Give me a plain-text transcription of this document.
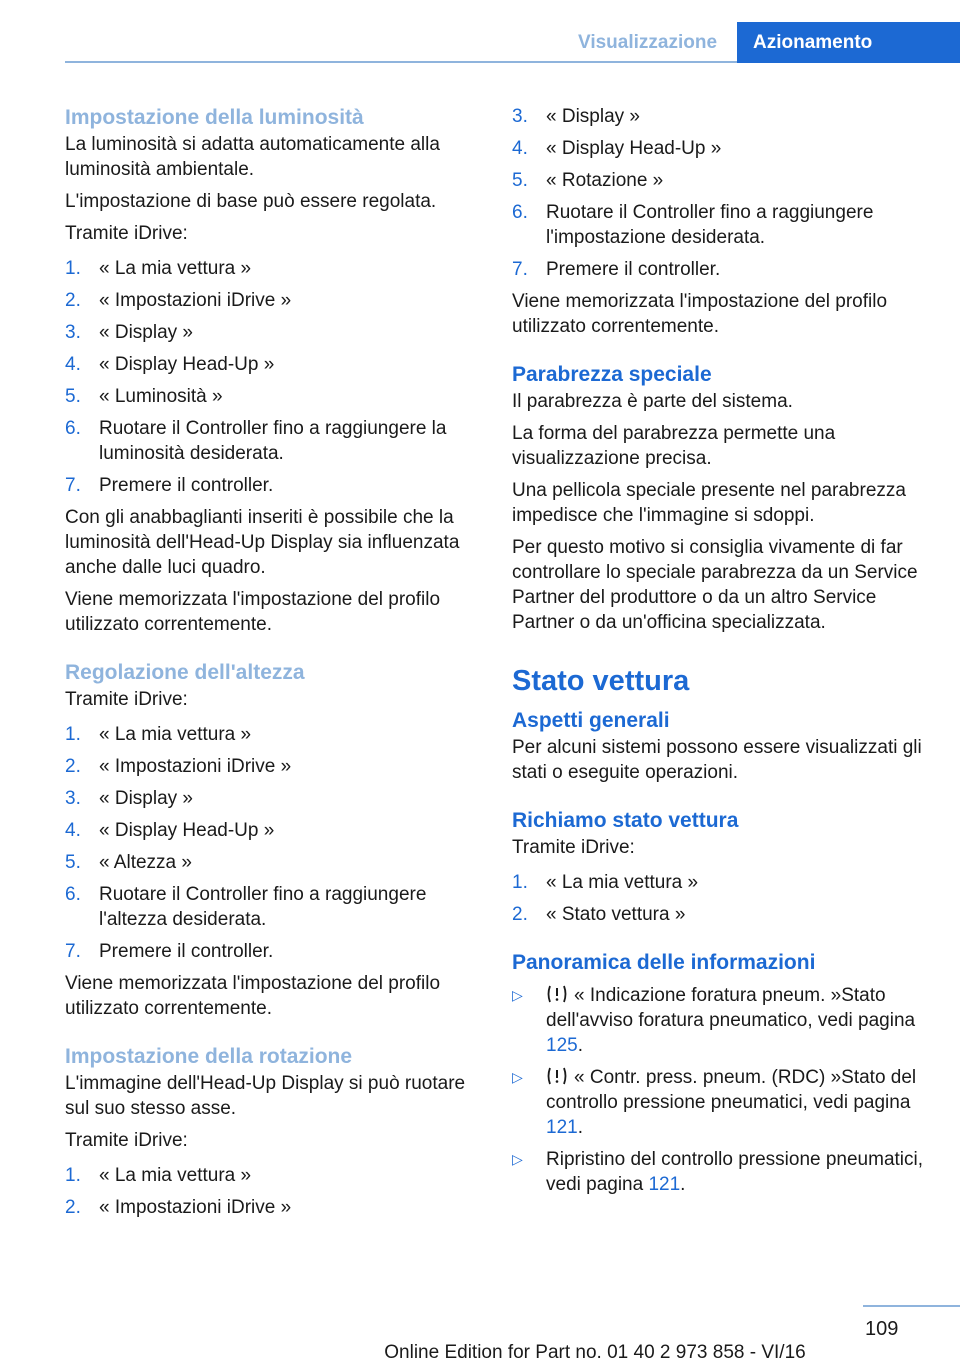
Visualizzazione	Azionamento
Impostazione della luminosità

La luminosità si adatta automaticamente alla luminosità ambientale.

L'impostazione di base può essere regolata.

Tramite iDrive:

1. « La mia vettura »
2. « Impostazioni iDrive »
3. « Display »
4. « Display Head-Up »
5. « Luminosità »
6. Ruotare il Controller fino a raggiungere la luminosità desiderata.
7. Premere il controller.

Con gli anabbaglianti inseriti è possibile che la luminosità dell'Head-Up Display sia influenzata anche dalle luci quadro.

Viene memorizzata l'impostazione del profilo utilizzato correntemente.

Regolazione dell'altezza

Tramite iDrive:

1. « La mia vettura »
2. « Impostazioni iDrive »
3. « Display »
4. « Display Head-Up »
5. « Altezza »
6. Ruotare il Controller fino a raggiungere l'altezza desiderata.
7. Premere il controller.

Viene memorizzata l'impostazione del profilo utilizzato correntemente.

Impostazione della rotazione

L'immagine dell'Head-Up Display si può ruotare sul suo stesso asse.

Tramite iDrive:

1. « La mia vettura »
2. « Impostazioni iDrive »
3. « Display »
4. « Display Head-Up »
5. « Rotazione »
6. Ruotare il Controller fino a raggiungere l'impostazione desiderata.
7. Premere il controller.

Viene memorizzata l'impostazione del profilo utilizzato correntemente.

Parabrezza speciale

Il parabrezza è parte del sistema.

La forma del parabrezza permette una visualizzazione precisa.

Una pellicola speciale presente nel parabrezza impedisce che l'immagine si sdoppi.

Per questo motivo si consiglia vivamente di far controllare lo speciale parabrezza da un Service Partner del produttore o da un altro Service Partner o da un'officina specializzata.

Stato vettura
Aspetti generali

Per alcuni sistemi possono essere visualizzati gli stati o eseguite operazioni.

Richiamo stato vettura

Tramite iDrive:

1. « La mia vettura »
2. « Stato vettura »
Panoramica delle informazioni
▷	« Indicazione foratura pneum. »Stato dell'avviso foratura pneumatico, vedi pagina 125.
▷	« Contr. press. pneum. (RDC) »Stato del controllo pressione pneumatici, vedi pagina 121.
▷	Ripristino del controllo pressione pneumatici, vedi pagina 121.
109
Online Edition for Part no. 01 40 2 973 858 - VI/16
